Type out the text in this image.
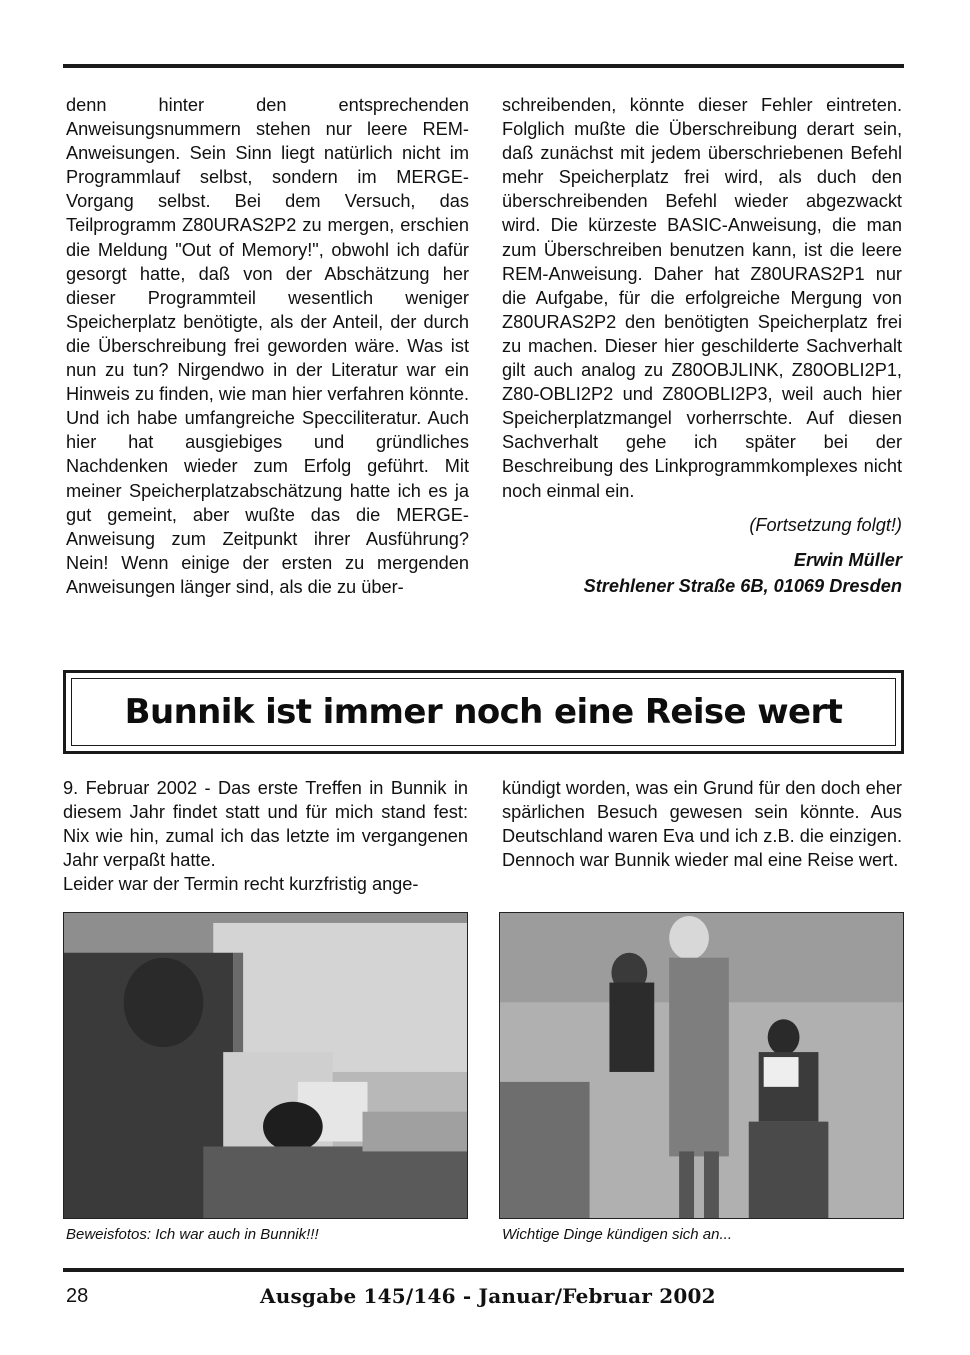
denn hinter den entsprechenden Anweisungsnummern stehen nur leere REM-Anweisungen. Sein Sinn liegt natürlich nicht im Programmlauf selbst, sondern im MERGE-Vorgang selbst. Bei dem Versuch, das Teilprogramm Z80URAS2P2 zu mergen, erschien die Meldung "Out of Memory!", obwohl ich dafür gesorgt hatte, daß von der Abschätzung her dieser Programmteil wesentlich weniger Speicherplatz benötigte, als der Anteil, der durch die Überschreibung frei geworden wäre. Was ist nun zu tun? Nirgendwo in der Literatur war ein Hinweis zu finden, wie man hier verfahren könnte. Und ich habe umfangreiche Specciliteratur. Auch hier hat ausgiebiges und gründliches Nachdenken wieder zum Erfolg geführt. Mit meiner Speicherplatzabschätzung hatte ich es ja gut gemeint, aber wußte das die MERGE-Anweisung zum Zeitpunkt ihrer Ausführung? Nein! Wenn einige der ersten zu mergenden Anweisungen länger sind, als die zu über-

schreibenden, könnte dieser Fehler eintreten. Folglich mußte die Überschreibung derart sein, daß zunächst mit jedem überschriebenen Befehl mehr Speicherplatz frei wird, als duch den überschreibenden Befehl wieder abgezwackt wird. Die kürzeste BASIC-Anweisung, die man zum Überschreiben benutzen kann, ist die leere REM-Anweisung. Daher hat Z80URAS2P1 nur die Aufgabe, für die erfolgreiche Mergung von Z80URAS2P2 den benötigten Speicherplatz frei zu machen. Dieser hier geschilderte Sachverhalt gilt auch analog zu Z80OBJLINK, Z80OBLI2P1, Z80-OBLI2P2 und Z80OBLI2P3, weil auch hier Speicherplatzmangel vorherrschte. Auf diesen Sachverhalt gehe ich später bei der Beschreibung des Linkprogrammkomplexes nicht noch einmal ein.

(Fortsetzung folgt!)

Erwin Müller
Strehlener Straße 6B, 01069 Dresden

Bunnik ist immer noch eine Reise wert

9. Februar 2002 - Das erste Treffen in Bunnik in diesem Jahr findet statt und für mich stand fest: Nix wie hin, zumal ich das letzte im vergangenen Jahr verpaßt hatte.

Leider war der Termin recht kurzfristig ange-

kündigt worden, was ein Grund für den doch eher spärlichen Besuch gewesen sein könnte. Aus Deutschland waren Eva und ich z.B. die einzigen. Dennoch war Bunnik wieder mal eine Reise wert.

Beweisfotos: Ich war auch in Bunnik!!!	Wichtige Dinge kündigen sich an...
28	Ausgabe 145/146 - Januar/Februar 2002
